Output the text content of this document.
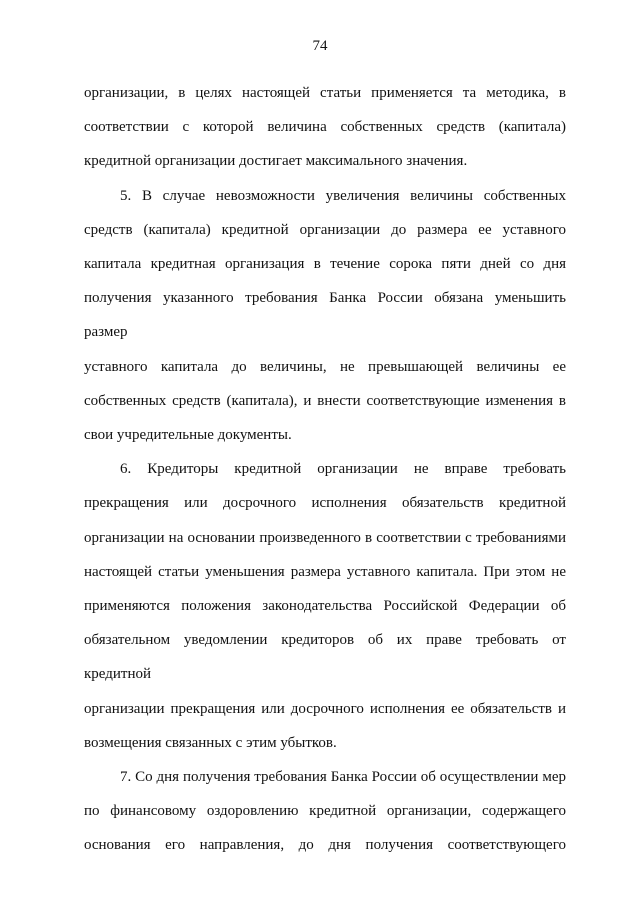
74
организации, в целях настоящей статьи применяется та методика, в
соответствии с которой величина собственных средств (капитала)
кредитной организации достигает максимального значения.
5. В случае невозможности увеличения величины собственных
средств (капитала) кредитной организации до размера ее уставного
капитала кредитная организация в течение сорока пяти дней со дня
получения указанного требования Банка России обязана уменьшить размер
уставного капитала до величины, не превышающей величины ее
собственных средств (капитала), и внести соответствующие изменения в
свои учредительные документы.
6. Кредиторы кредитной организации не вправе требовать
прекращения или досрочного исполнения обязательств кредитной
организации на основании произведенного в соответствии с требованиями
настоящей статьи уменьшения размера уставного капитала. При этом не
применяются положения законодательства Российской Федерации об
обязательном уведомлении кредиторов об их праве требовать от кредитной
организации прекращения или досрочного исполнения ее обязательств и
возмещения связанных с этим убытков.
7. Со дня получения требования Банка России об осуществлении мер
по финансовому оздоровлению кредитной организации, содержащего
основания его направления, до дня получения соответствующего
